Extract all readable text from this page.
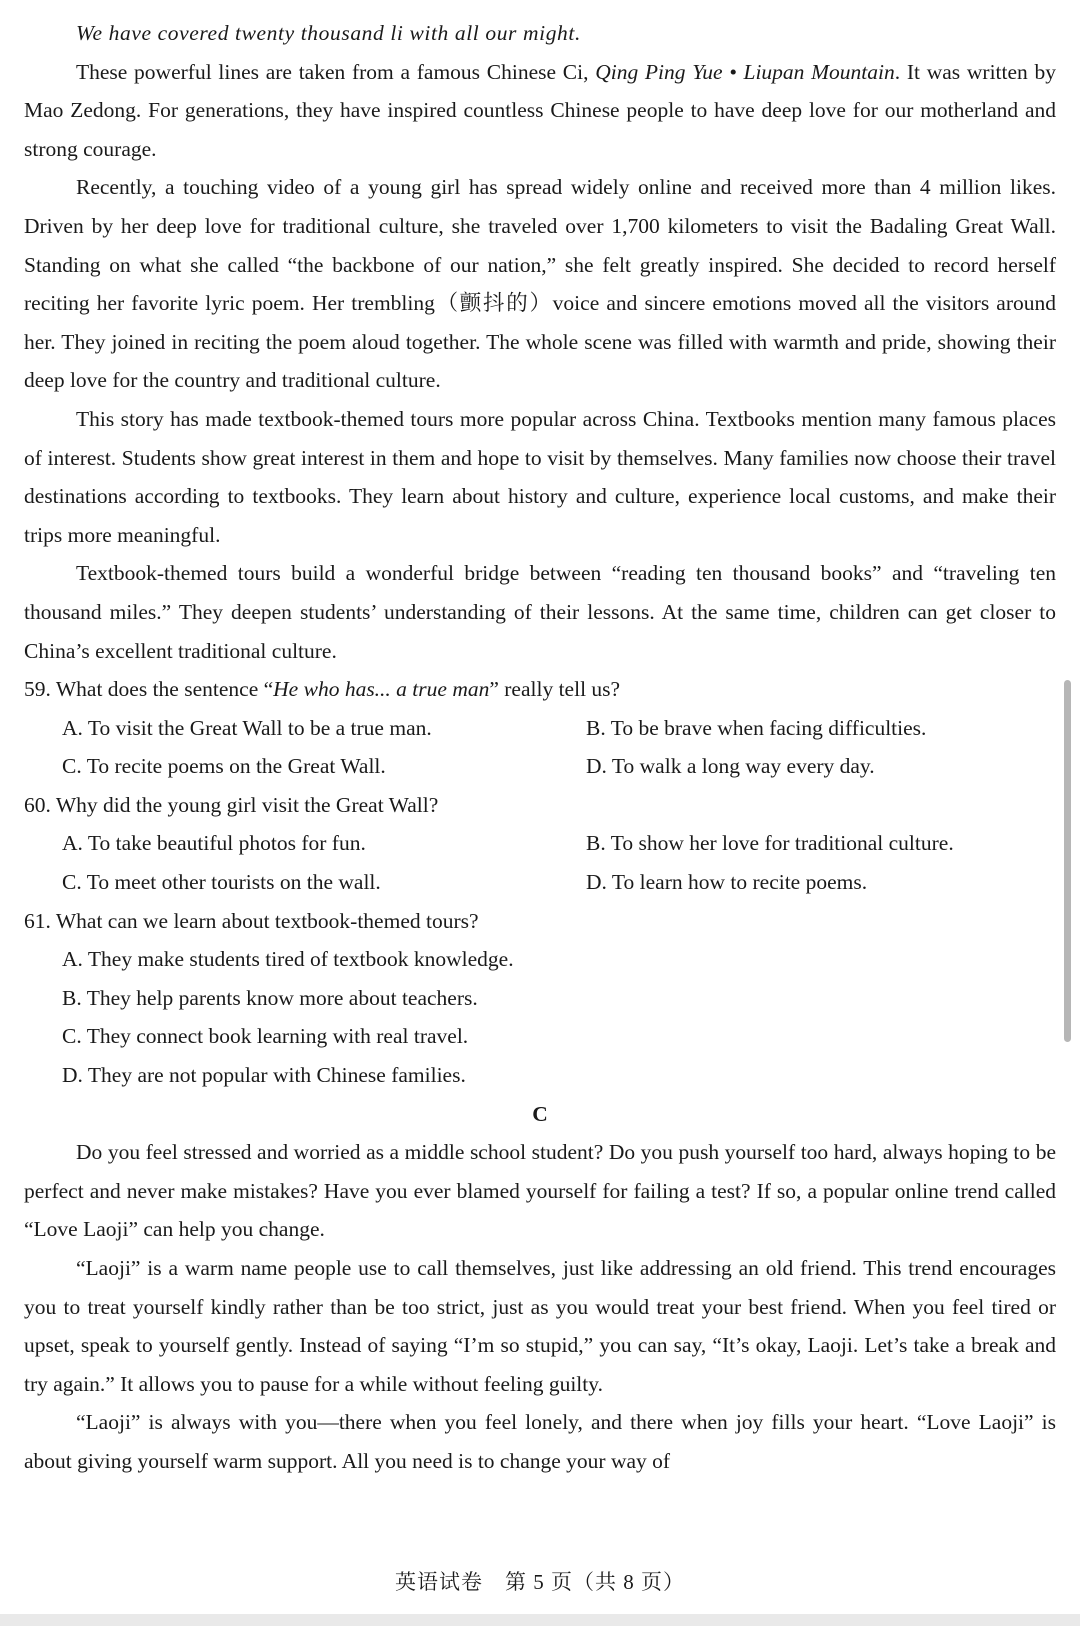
We have covered twenty thousand li with all our might.

These powerful lines are taken from a famous Chinese Ci, Qing Ping Yue • Liupan Mountain. It was written by Mao Zedong. For generations, they have inspired countless Chinese people to have deep love for our motherland and strong courage.

Recently, a touching video of a young girl has spread widely online and received more than 4 million likes. Driven by her deep love for traditional culture, she traveled over 1,700 kilometers to visit the Badaling Great Wall. Standing on what she called “the backbone of our nation,” she felt greatly inspired. She decided to record herself reciting her favorite lyric poem. Her trembling（颤抖的）voice and sincere emotions moved all the visitors around her. They joined in reciting the poem aloud together. The whole scene was filled with warmth and pride, showing their deep love for the country and traditional culture.

This story has made textbook-themed tours more popular across China. Textbooks mention many famous places of interest. Students show great interest in them and hope to visit by themselves. Many families now choose their travel destinations according to textbooks. They learn about history and culture, experience local customs, and make their trips more meaningful.

Textbook-themed tours build a wonderful bridge between “reading ten thousand books” and “traveling ten thousand miles.” They deepen students’ understanding of their lessons. At the same time, children can get closer to China’s excellent traditional culture.

59. What does the sentence “He who has... a true man” really tell us?
A. To visit the Great Wall to be a true man.	B. To be brave when facing difficulties.
C. To recite poems on the Great Wall.	D. To walk a long way every day.
60. Why did the young girl visit the Great Wall?
A. To take beautiful photos for fun.	B. To show her love for traditional culture.
C. To meet other tourists on the wall.	D. To learn how to recite poems.
61. What can we learn about textbook-themed tours?
A. They make students tired of textbook knowledge.
B. They help parents know more about teachers.
C. They connect book learning with real travel.
D. They are not popular with Chinese families.
C

Do you feel stressed and worried as a middle school student? Do you push yourself too hard, always hoping to be perfect and never make mistakes? Have you ever blamed yourself for failing a test? If so, a popular online trend called “Love Laoji” can help you change.

“Laoji” is a warm name people use to call themselves, just like addressing an old friend. This trend encourages you to treat yourself kindly rather than be too strict, just as you would treat your best friend. When you feel tired or upset, speak to yourself gently. Instead of saying “I’m so stupid,” you can say, “It’s okay, Laoji. Let’s take a break and try again.” It allows you to pause for a while without feeling guilty.

“Laoji” is always with you—there when you feel lonely, and there when joy fills your heart. “Love Laoji” is about giving yourself warm support. All you need is to change your way of

英语试卷　第 5 页（共 8 页）
